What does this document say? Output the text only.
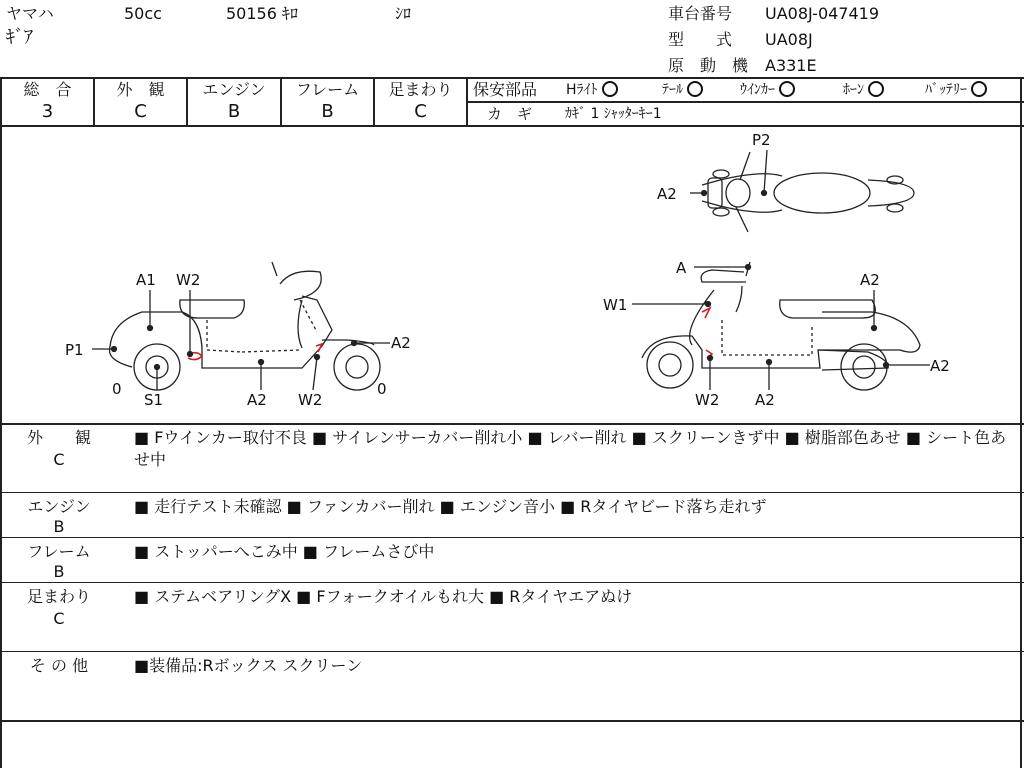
ヤマハ	50cc	50156 ｷﾛ	ｼﾛ
ｷﾞｱ
車台番号 UA08J-047419
型　　式 UA08J
原　動　機 A331E
総　合
3
外　観
C
エンジン
B
フレーム
B
足まわり
C
保安部品 Hﾗｲﾄ	ﾃｰﾙ	ｳｲﾝｶｰ	ﾎｰﾝ	ﾊﾞｯﾃﾘｰ
カ　ギ ｶｷﾞ 1 ｼｬｯﾀｰｷｰ1
P2
A2
A1 W2
P1	A2
0
S1	A2 W2
0
A
A2
W1
A2
W2 A2
外　　観
C
■ Fウインカー取付不良 ■ サイレンサーカバー削れ小 ■ レバー削れ ■ スクリーンきず中 ■ 樹脂部色あせ ■ シート色あせ中
エンジン
B
■ 走行テスト未確認 ■ ファンカバー削れ ■ エンジン音小 ■ Rタイヤビード落ち走れず
フレーム
B
■ ストッパーへこみ中 ■ フレームさび中
足まわり
C
■ ステムベアリングX ■ Fフォークオイルもれ大 ■ Rタイヤエアぬけ
そ の 他	■装備品:Rボックス スクリーン
